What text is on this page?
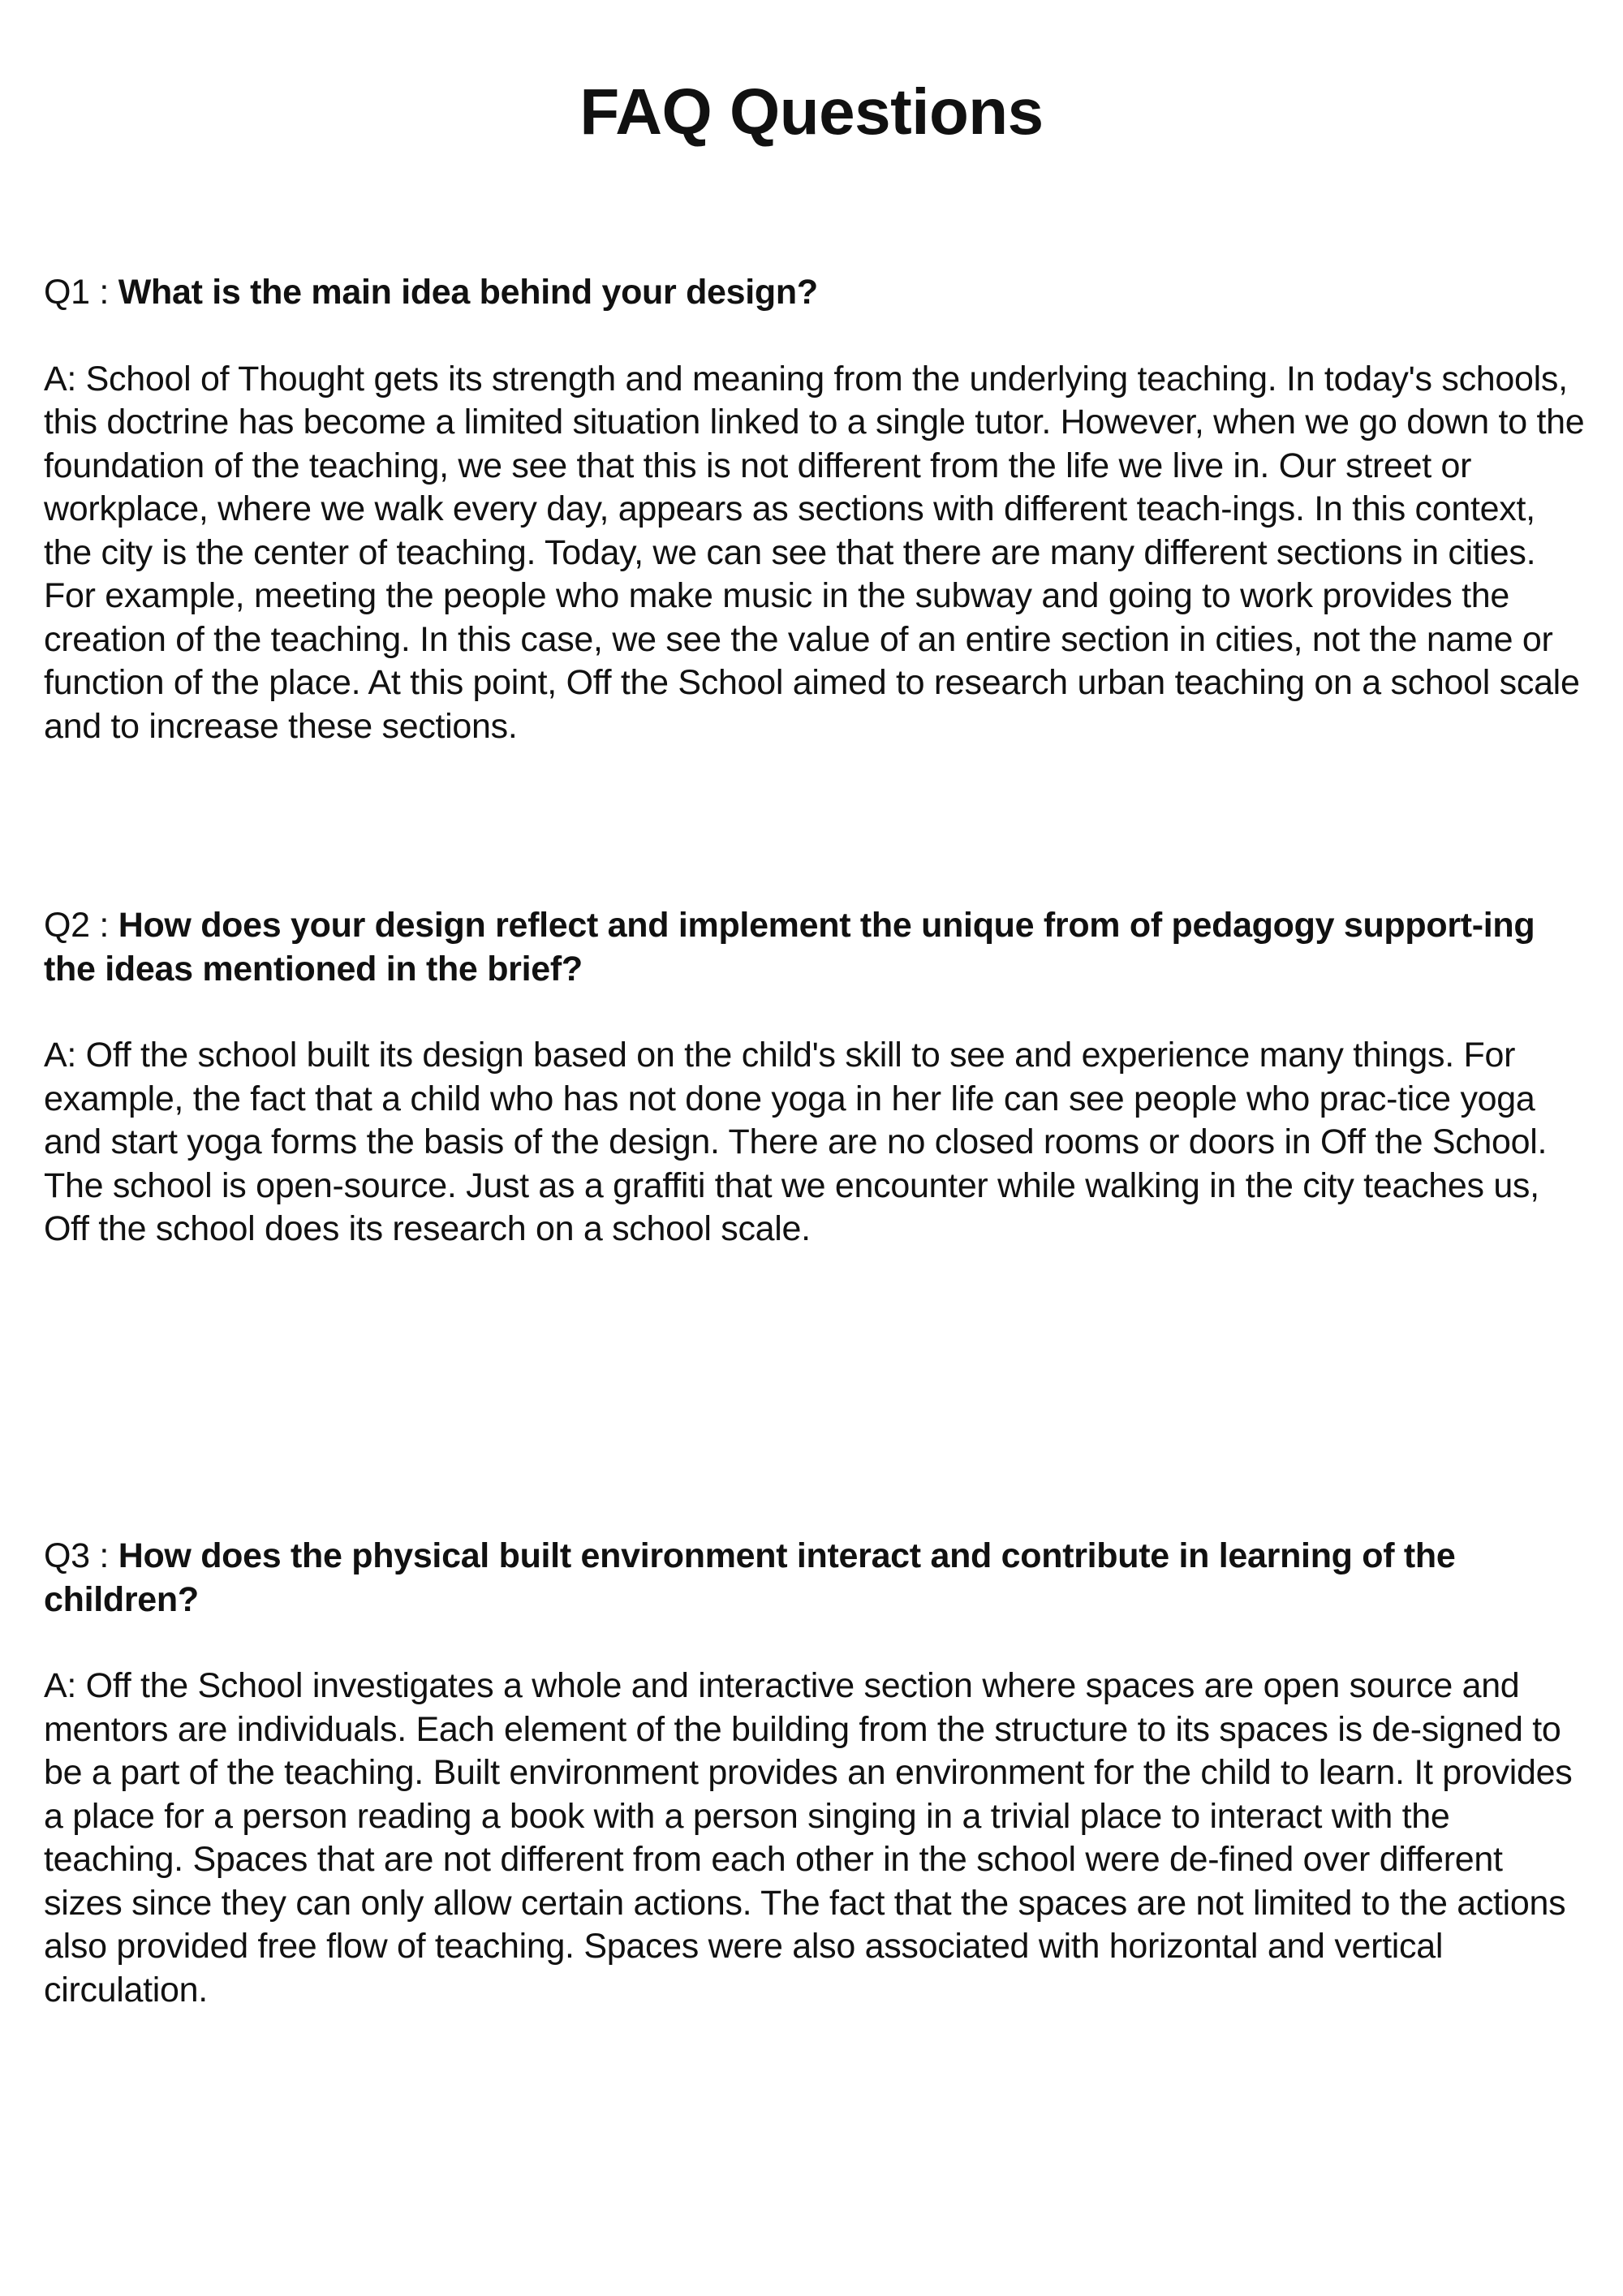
FAQ Questions

Q1 : What is the main idea behind your design?

A: School of Thought gets its strength and meaning from the underlying teaching. In today's schools, this doctrine has become a limited situation linked to a single tutor. However, when we go down to the foundation of the teaching, we see that this is not different from the life we live in. Our street or workplace, where we walk every day, appears as sections with different teach-ings. In this context, the city is the center of teaching. Today, we can see that there are many different sections in cities. For example, meeting the people who make music in the subway and going to work provides the creation of the teaching. In this case, we see the value of an entire section in cities, not the name or function of the place. At this point, Off the School aimed to research urban teaching on a school scale and to increase these sections.

Q2 : How does your design reflect and implement the unique from of pedagogy support-ing the ideas mentioned in the brief?

A: Off the school built its design based on the child's skill to see and experience many things. For example, the fact that a child who has not done yoga in her life can see people who prac-tice yoga and start yoga forms the basis of the design. There are no closed rooms or doors in Off the School. The school is open-source. Just as a graffiti that we encounter while walking in the city teaches us, Off the school does its research on a school scale.

Q3 : How does the physical built environment interact and contribute in learning of the children?

A: Off the School investigates a whole and interactive section where spaces are open source and mentors are individuals. Each element of the building from the structure to its spaces is de-signed to be a part of the teaching. Built environment provides an environment for the child to learn. It provides a place for a person reading a book with a person singing in a trivial place to interact with the teaching. Spaces that are not different from each other in the school were de-fined over different sizes since they can only allow certain actions. The fact that the spaces are not limited to the actions also provided free flow of teaching. Spaces were also associated with horizontal and vertical circulation.
